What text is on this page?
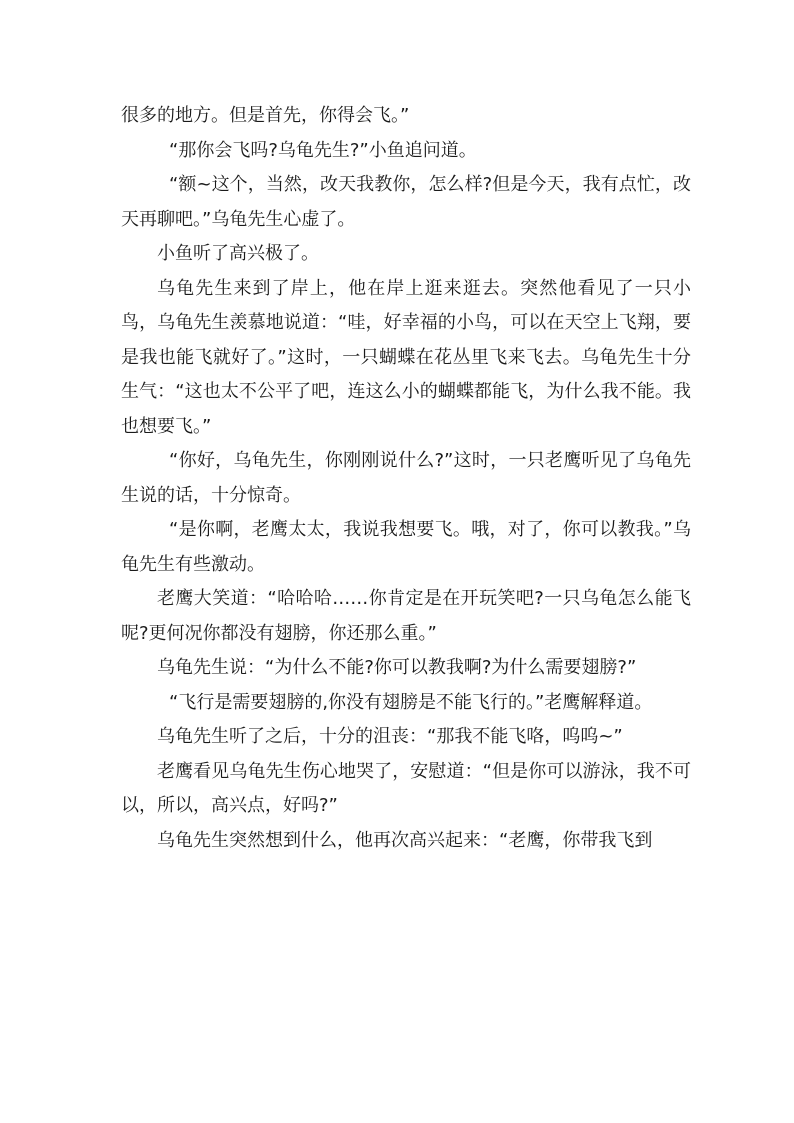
很多的地方。但是首先，你得会飞。”

“那你会飞吗?乌龟先生?”小鱼追问道。

“额~这个，当然，改天我教你，怎么样?但是今天，我有点忙，改天再聊吧。”乌龟先生心虚了。

小鱼听了高兴极了。

乌龟先生来到了岸上，他在岸上逛来逛去。突然他看见了一只小鸟，乌龟先生羡慕地说道：“哇，好幸福的小鸟，可以在天空上飞翔，要是我也能飞就好了。”这时，一只蝴蝶在花丛里飞来飞去。乌龟先生十分生气：“这也太不公平了吧，连这么小的蝴蝶都能飞，为什么我不能。我也想要飞。”

“你好，乌龟先生，你刚刚说什么?”这时，一只老鹰听见了乌龟先生说的话，十分惊奇。

“是你啊，老鹰太太，我说我想要飞。哦，对了，你可以教我。”乌龟先生有些激动。

老鹰大笑道：“哈哈哈……你肯定是在开玩笑吧?一只乌龟怎么能飞呢?更何况你都没有翅膀，你还那么重。”

乌龟先生说：“为什么不能?你可以教我啊?为什么需要翅膀?”

“飞行是需要翅膀的,你没有翅膀是不能飞行的。”老鹰解释道。

乌龟先生听了之后，十分的沮丧：“那我不能飞咯，呜呜~”

老鹰看见乌龟先生伤心地哭了，安慰道：“但是你可以游泳，我不可以，所以，高兴点，好吗?”

乌龟先生突然想到什么，他再次高兴起来：“老鹰，你带我飞到
